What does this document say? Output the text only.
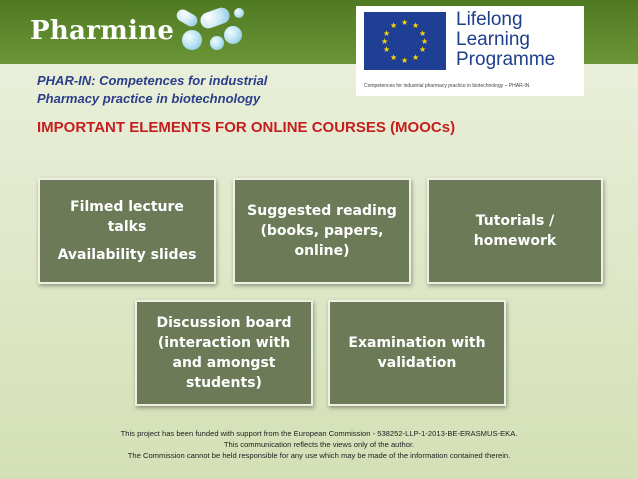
Pharmine	★ ★
★
★
★
★
★
★
★
★
★
★	Lifelong
Learning
Programme
Competences for industrial pharmacy practice in biotechnology – PHAR-IN
PHAR-IN: Competences for industrial
Pharmacy practice in biotechnology
IMPORTANT ELEMENTS FOR ONLINE COURSES (MOOCs)
Filmed lecture
talks
Availability slides
Suggested reading
(books, papers,
online)
Tutorials /
homework
Discussion board
(interaction with
and amongst
students)
Examination with
validation
This project has been funded with support from the European Commission - 538252-LLP-1-2013-BE-ERASMUS-EKA.
This communication reflects the views only of the author.
The Commission cannot be held responsible for any use which may be made of the information contained therein.
